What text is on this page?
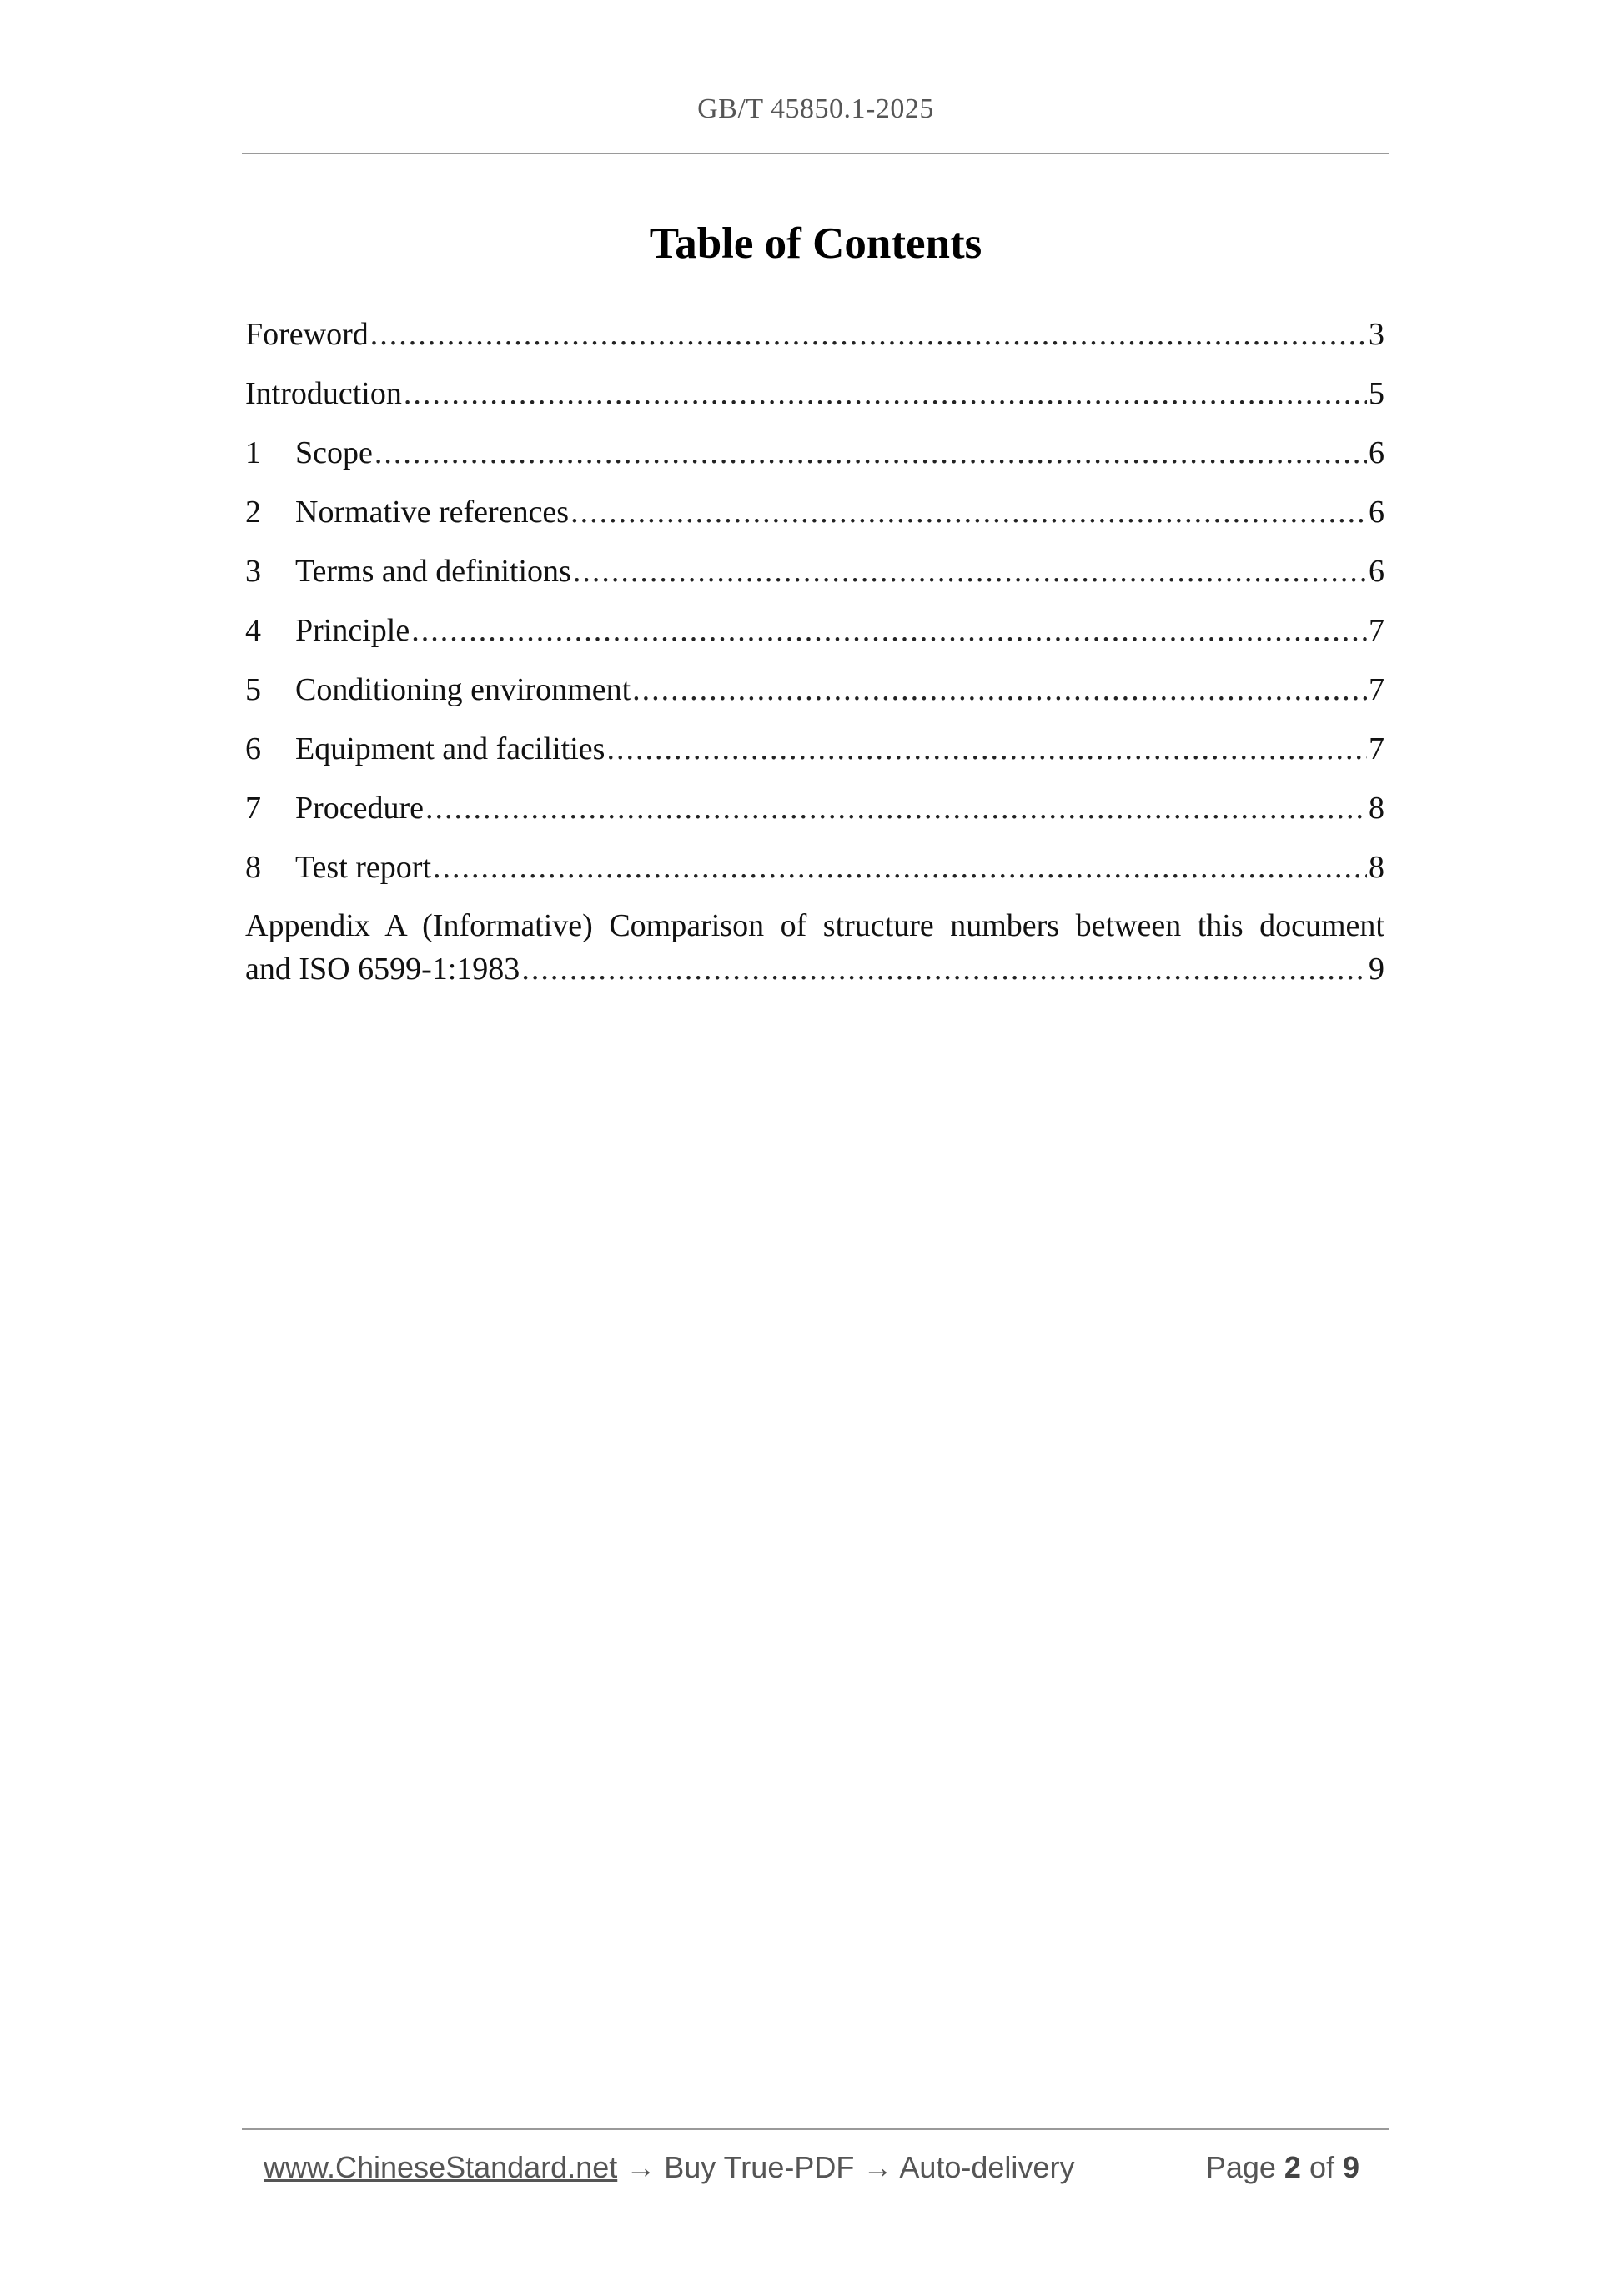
GB/T 45850.1-2025
Table of Contents
Foreword .....	3
Introduction .....	5
1	Scope .....	6
2	Normative references .....	6
3	Terms and definitions .....	6
4	Principle .....	7
5	Conditioning environment .....	7
6	Equipment and facilities .....	7
7	Procedure .....	8
8	Test report .....	8
Appendix A (Informative) Comparison of structure numbers between this document
and ISO 6599-1:1983 .....	9
www.ChineseStandard.net → Buy True-PDF → Auto-delivery	Page 2 of 9
